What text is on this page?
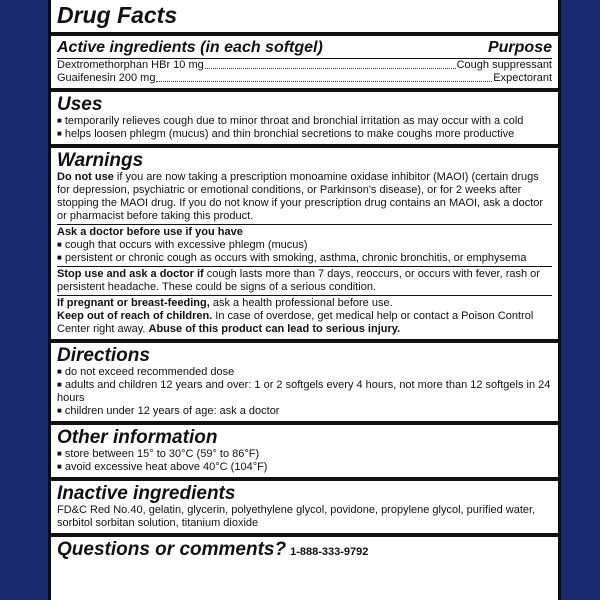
Drug Facts
Active ingredients (in each softgel)	Purpose
Dextromethorphan HBr 10 mg	Cough suppressant
Guaifenesin 200 mg	Expectorant
Uses

■ temporarily relieves cough due to minor throat and bronchial irritation as may occur with a cold

■ helps loosen phlegm (mucus) and thin bronchial secretions to make coughs more productive

Warnings

Do not use if you are now taking a prescription monoamine oxidase inhibitor (MAOI) (certain drugs for depression, psychiatric or emotional conditions, or Parkinson's disease), or for 2 weeks after stopping the MAOI drug. If you do not know if your prescription drug contains an MAOI, ask a doctor or pharmacist before taking this product.

Ask a doctor before use if you have

■ cough that occurs with excessive phlegm (mucus)

■ persistent or chronic cough as occurs with smoking, asthma, chronic bronchitis, or emphysema

Stop use and ask a doctor if cough lasts more than 7 days, reoccurs, or occurs with fever, rash or persistent headache. These could be signs of a serious condition.

If pregnant or breast-feeding, ask a health professional before use.

Keep out of reach of children. In case of overdose, get medical help or contact a Poison Control Center right away. Abuse of this product can lead to serious injury.

Directions

■ do not exceed recommended dose

■ adults and children 12 years and over: 1 or 2 softgels every 4 hours, not more than 12 softgels in 24 hours

■ children under 12 years of age: ask a doctor

Other information

■ store between 15° to 30°C (59° to 86°F)

■ avoid excessive heat above 40°C (104°F)

Inactive ingredients

FD&C Red No.40, gelatin, glycerin, polyethylene glycol, povidone, propylene glycol, purified water, sorbitol sorbitan solution, titanium dioxide

Questions or comments? 1-888-333-9792
